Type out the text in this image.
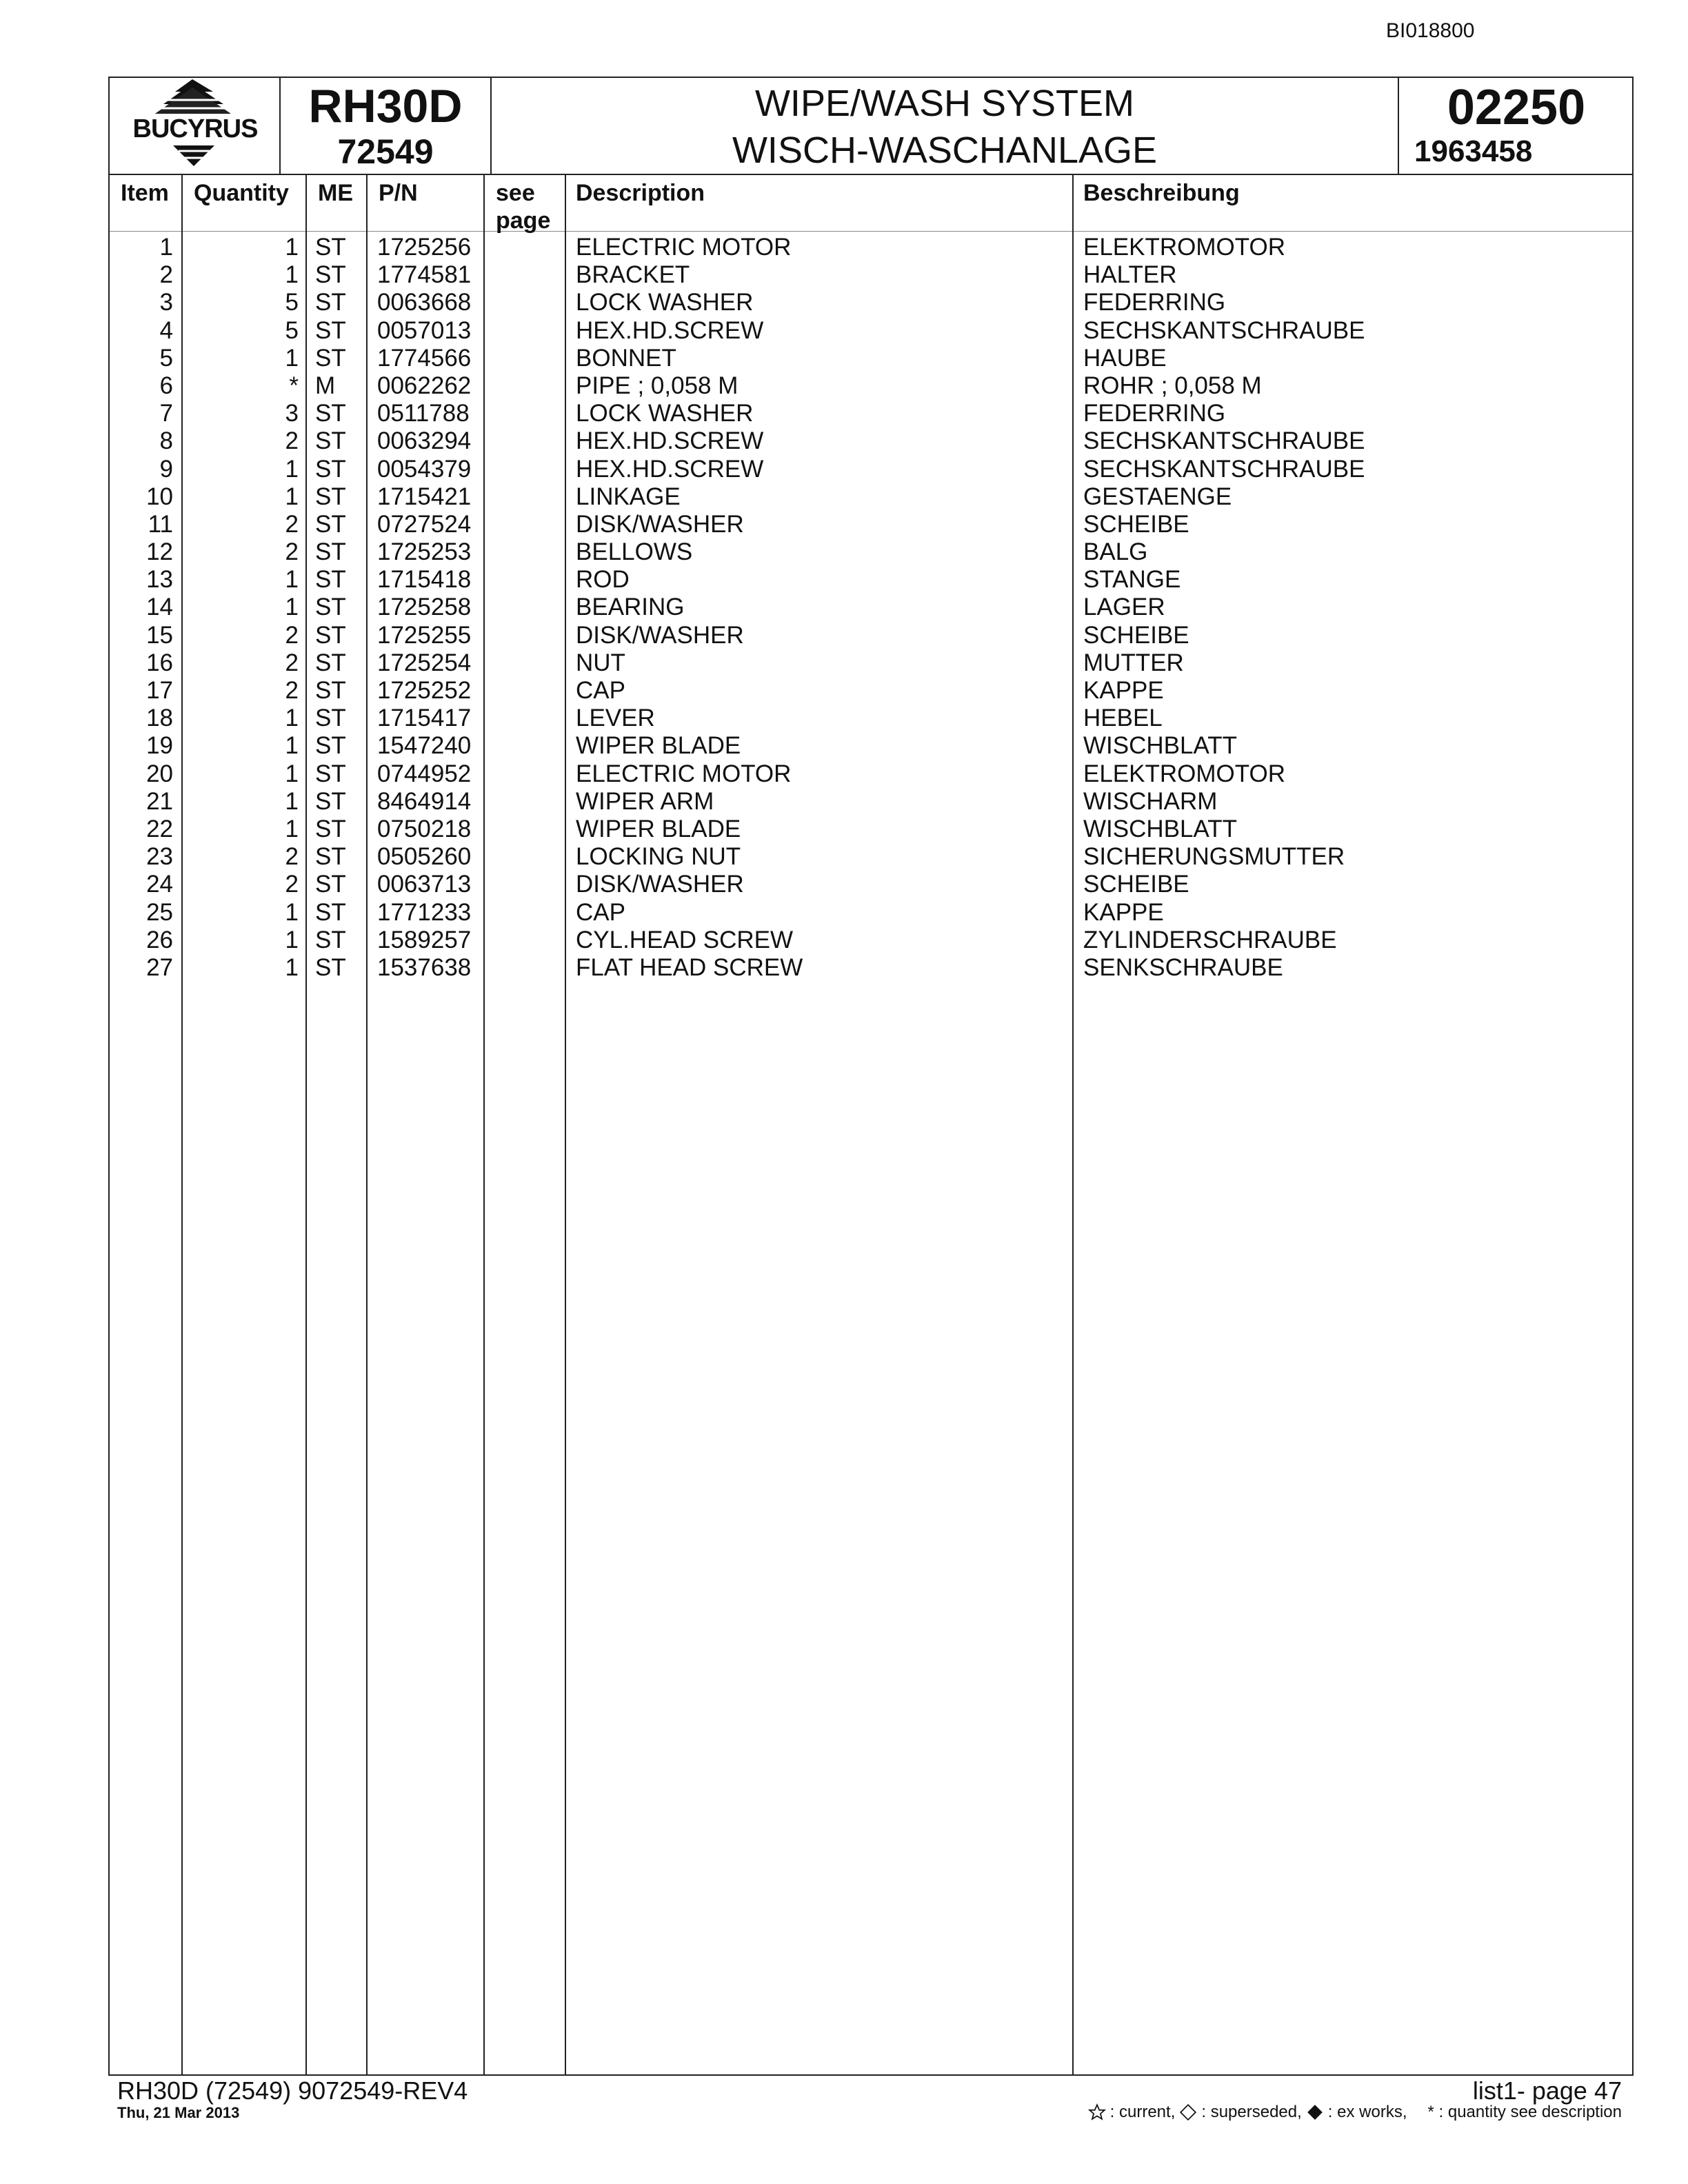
BI018800
BUCYRUS	RH30D
72549
WIPE/WASH SYSTEM
WISCH-WASCHANLAGE
02250
1963458
Item Quantity ME P/N	see
page
Description	Beschreibung
1	1 ST 1725256	ELECTRIC MOTOR	ELEKTROMOTOR
2	1 ST 1774581	BRACKET	HALTER
3	5 ST 0063668	LOCK WASHER	FEDERRING
4	5 ST 0057013	HEX.HD.SCREW	SECHSKANTSCHRAUBE
5	1 ST 1774566	BONNET	HAUBE
6	* M 0062262	PIPE ; 0,058 M	ROHR ; 0,058 M
7	3 ST 0511788	LOCK WASHER	FEDERRING
8	2 ST 0063294	HEX.HD.SCREW	SECHSKANTSCHRAUBE
9	1 ST 0054379	HEX.HD.SCREW	SECHSKANTSCHRAUBE
10	1 ST 1715421	LINKAGE	GESTAENGE
11	2 ST 0727524	DISK/WASHER	SCHEIBE
12	2 ST 1725253	BELLOWS	BALG
13	1 ST 1715418	ROD	STANGE
14	1 ST 1725258	BEARING	LAGER
15	2 ST 1725255	DISK/WASHER	SCHEIBE
16	2 ST 1725254	NUT	MUTTER
17	2 ST 1725252	CAP	KAPPE
18	1 ST 1715417	LEVER	HEBEL
19	1 ST 1547240	WIPER BLADE	WISCHBLATT
20	1 ST 0744952	ELECTRIC MOTOR	ELEKTROMOTOR
21	1 ST 8464914	WIPER ARM	WISCHARM
22	1 ST 0750218	WIPER BLADE	WISCHBLATT
23	2 ST 0505260	LOCKING NUT	SICHERUNGSMUTTER
24	2 ST 0063713	DISK/WASHER	SCHEIBE
25	1 ST 1771233	CAP	KAPPE
26	1 ST 1589257	CYL.HEAD SCREW	ZYLINDERSCHRAUBE
27	1 ST 1537638	FLAT HEAD SCREW	SENKSCHRAUBE
RH30D (72549) 9072549-REV4
Thu, 21 Mar 2013
list1- page 47
: current, : superseded, : ex works, * : quantity see description
